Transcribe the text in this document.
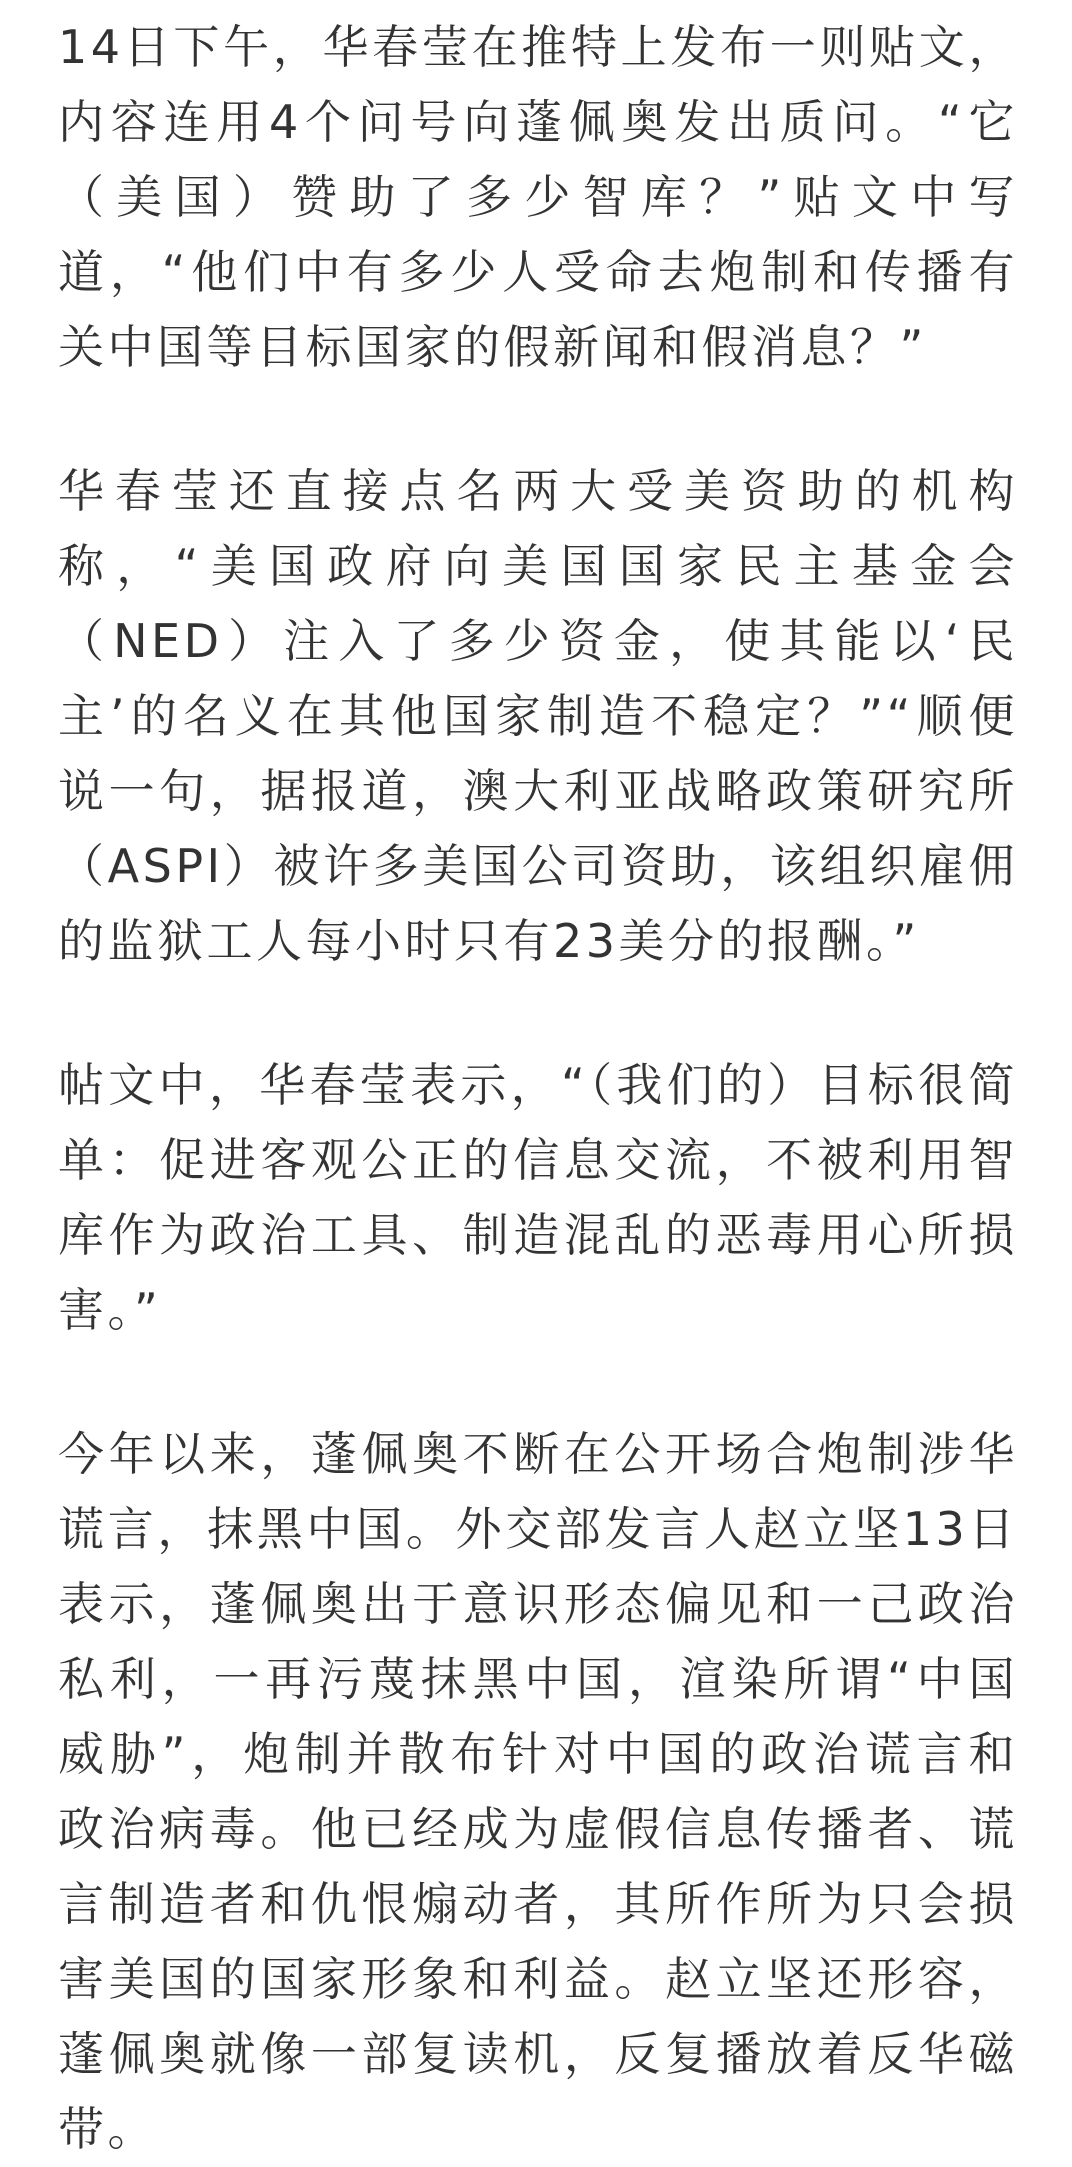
14日下午，华春莹在推特上发布一则贴文，内容连用4个问号向蓬佩奥发出质问。“它（美国）赞助了多少智库？”贴文中写道，“他们中有多少人受命去炮制和传播有关中国等目标国家的假新闻和假消息？”

华春莹还直接点名两大受美资助的机构称，“美国政府向美国国家民主基金会（NED）注入了多少资金，使其能以‘民主’的名义在其他国家制造不稳定？”“顺便说一句，据报道，澳大利亚战略政策研究所（ASPI）被许多美国公司资助，该组织雇佣的监狱工人每小时只有23美分的报酬。”

帖文中，华春莹表示，“（我们的）目标很简单：促进客观公正的信息交流，不被利用智库作为政治工具、制造混乱的恶毒用心所损害。”

今年以来，蓬佩奥不断在公开场合炮制涉华谎言，抹黑中国。外交部发言人赵立坚13日表示，蓬佩奥出于意识形态偏见和一己政治私利，一再污蔑抹黑中国，渲染所谓“中国威胁”，炮制并散布针对中国的政治谎言和政治病毒。他已经成为虚假信息传播者、谎言制造者和仇恨煽动者，其所作所为只会损害美国的国家形象和利益。赵立坚还形容，蓬佩奥就像一部复读机，反复播放着反华磁带。
